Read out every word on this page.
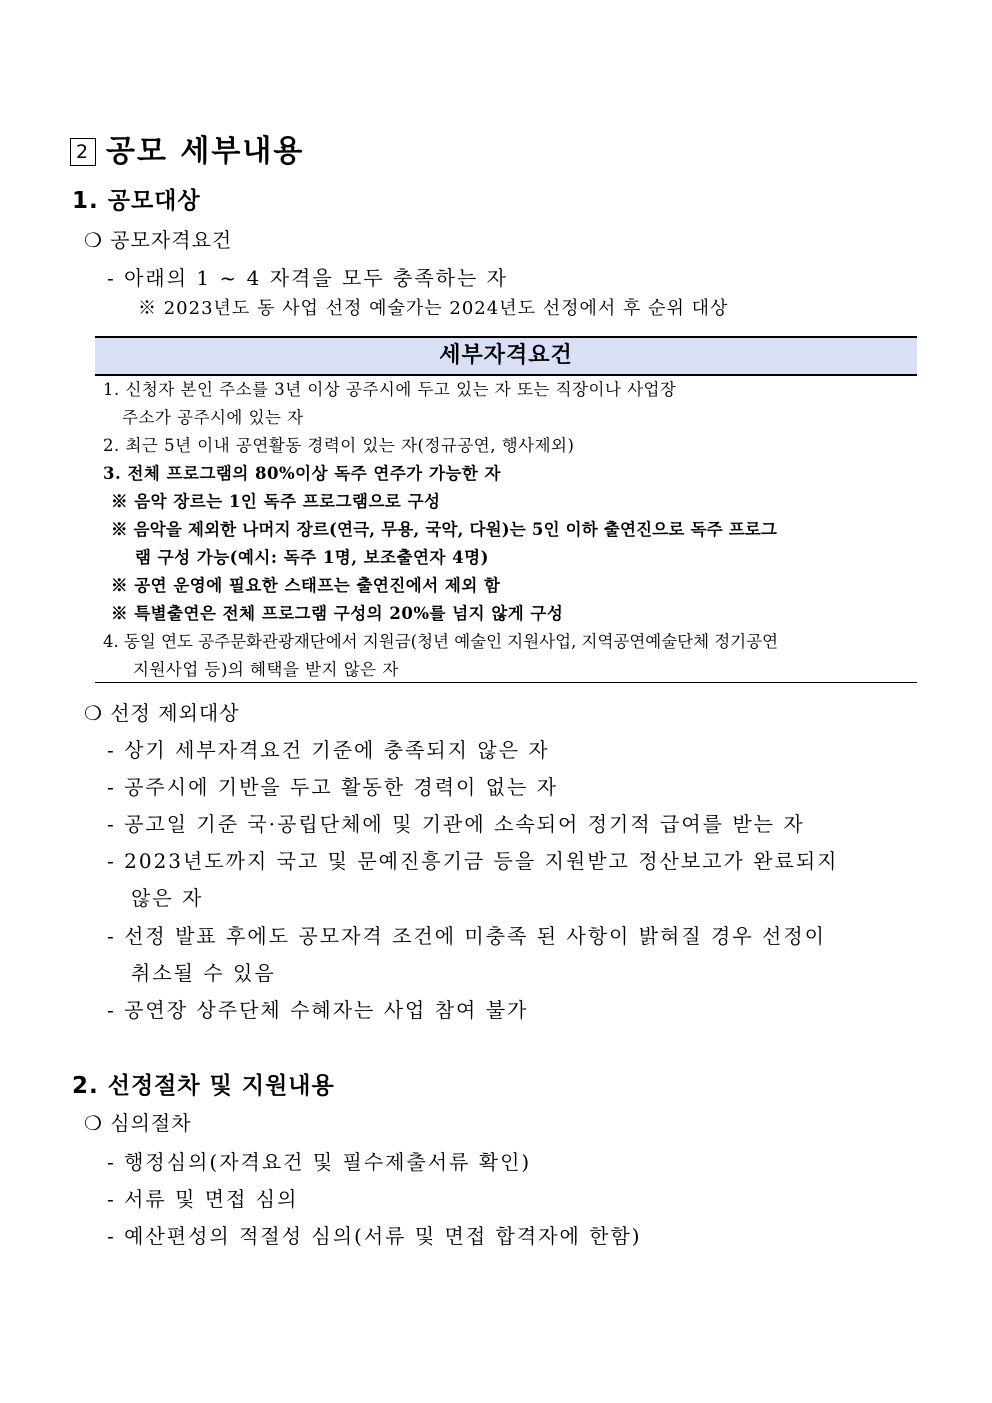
2 공모 세부내용
1. 공모대상
❍ 공모자격요건
- 아래의 1 ~ 4 자격을 모두 충족하는 자
※ 2023년도 동 사업 선정 예술가는 2024년도 선정에서 후 순위 대상
세부자격요건
1. 신청자 본인 주소를 3년 이상 공주시에 두고 있는 자 또는 직장이나 사업장
주소가 공주시에 있는 자
2. 최근 5년 이내 공연활동 경력이 있는 자(정규공연, 행사제외)
3. 전체 프로그램의 80%이상 독주 연주가 가능한 자
※ 음악 장르는 1인 독주 프로그램으로 구성
※ 음악을 제외한 나머지 장르(연극, 무용, 국악, 다원)는 5인 이하 출연진으로 독주 프로그
램 구성 가능(예시: 독주 1명, 보조출연자 4명)
※ 공연 운영에 필요한 스태프는 출연진에서 제외 함
※ 특별출연은 전체 프로그램 구성의 20%를 넘지 않게 구성
4. 동일 연도 공주문화관광재단에서 지원금(청년 예술인 지원사업, 지역공연예술단체 정기공연
지원사업 등)의 혜택을 받지 않은 자
❍ 선정 제외대상
- 상기 세부자격요건 기준에 충족되지 않은 자
- 공주시에 기반을 두고 활동한 경력이 없는 자
- 공고일 기준 국·공립단체에 및 기관에 소속되어 정기적 급여를 받는 자
- 2023년도까지 국고 및 문예진흥기금 등을 지원받고 정산보고가 완료되지
않은 자
- 선정 발표 후에도 공모자격 조건에 미충족 된 사항이 밝혀질 경우 선정이
취소될 수 있음
- 공연장 상주단체 수혜자는 사업 참여 불가
2. 선정절차 및 지원내용
❍ 심의절차
- 행정심의(자격요건 및 필수제출서류 확인)
- 서류 및 면접 심의
- 예산편성의 적절성 심의(서류 및 면접 합격자에 한함)
